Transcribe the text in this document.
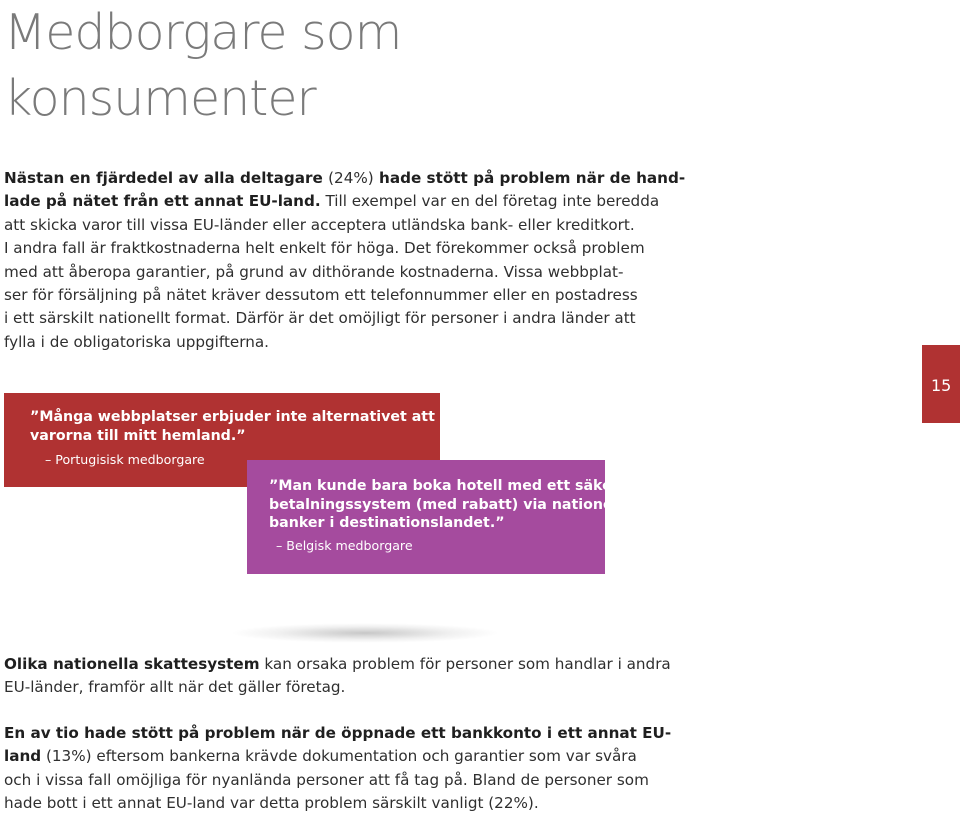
Medborgare som
konsumenter
Nästan en fjärdedel av alla deltagare (24%) hade stött på problem när de hand-
lade på nätet från ett annat EU-land. Till exempel var en del företag inte beredda
att skicka varor till vissa EU-länder eller acceptera utländska bank- eller kreditkort.
I andra fall är fraktkostnaderna helt enkelt för höga. Det förekommer också problem
med att åberopa garantier, på grund av dithörande kostnaderna. Vissa webbplat-
ser för försäljning på nätet kräver dessutom ett telefonnummer eller en postadress
i ett särskilt nationellt format. Därför är det omöjligt för personer i andra länder att
fylla i de obligatoriska uppgifterna.
15
”Många webbplatser erbjuder inte alternativet att skicka
varorna till mitt hemland.”
– Portugisisk medborgare
”Man kunde bara boka hotell med ett säkert
betalningssystem (med rabatt) via nationella
banker i destinationslandet.”
– Belgisk medborgare
Olika nationella skattesystem kan orsaka problem för personer som handlar i andra
EU-länder, framför allt när det gäller företag.
En av tio hade stött på problem när de öppnade ett bankkonto i ett annat EU-
land (13%) eftersom bankerna krävde dokumentation och garantier som var svåra
och i vissa fall omöjliga för nyanlända personer att få tag på. Bland de personer som
hade bott i ett annat EU-land var detta problem särskilt vanligt (22%).
